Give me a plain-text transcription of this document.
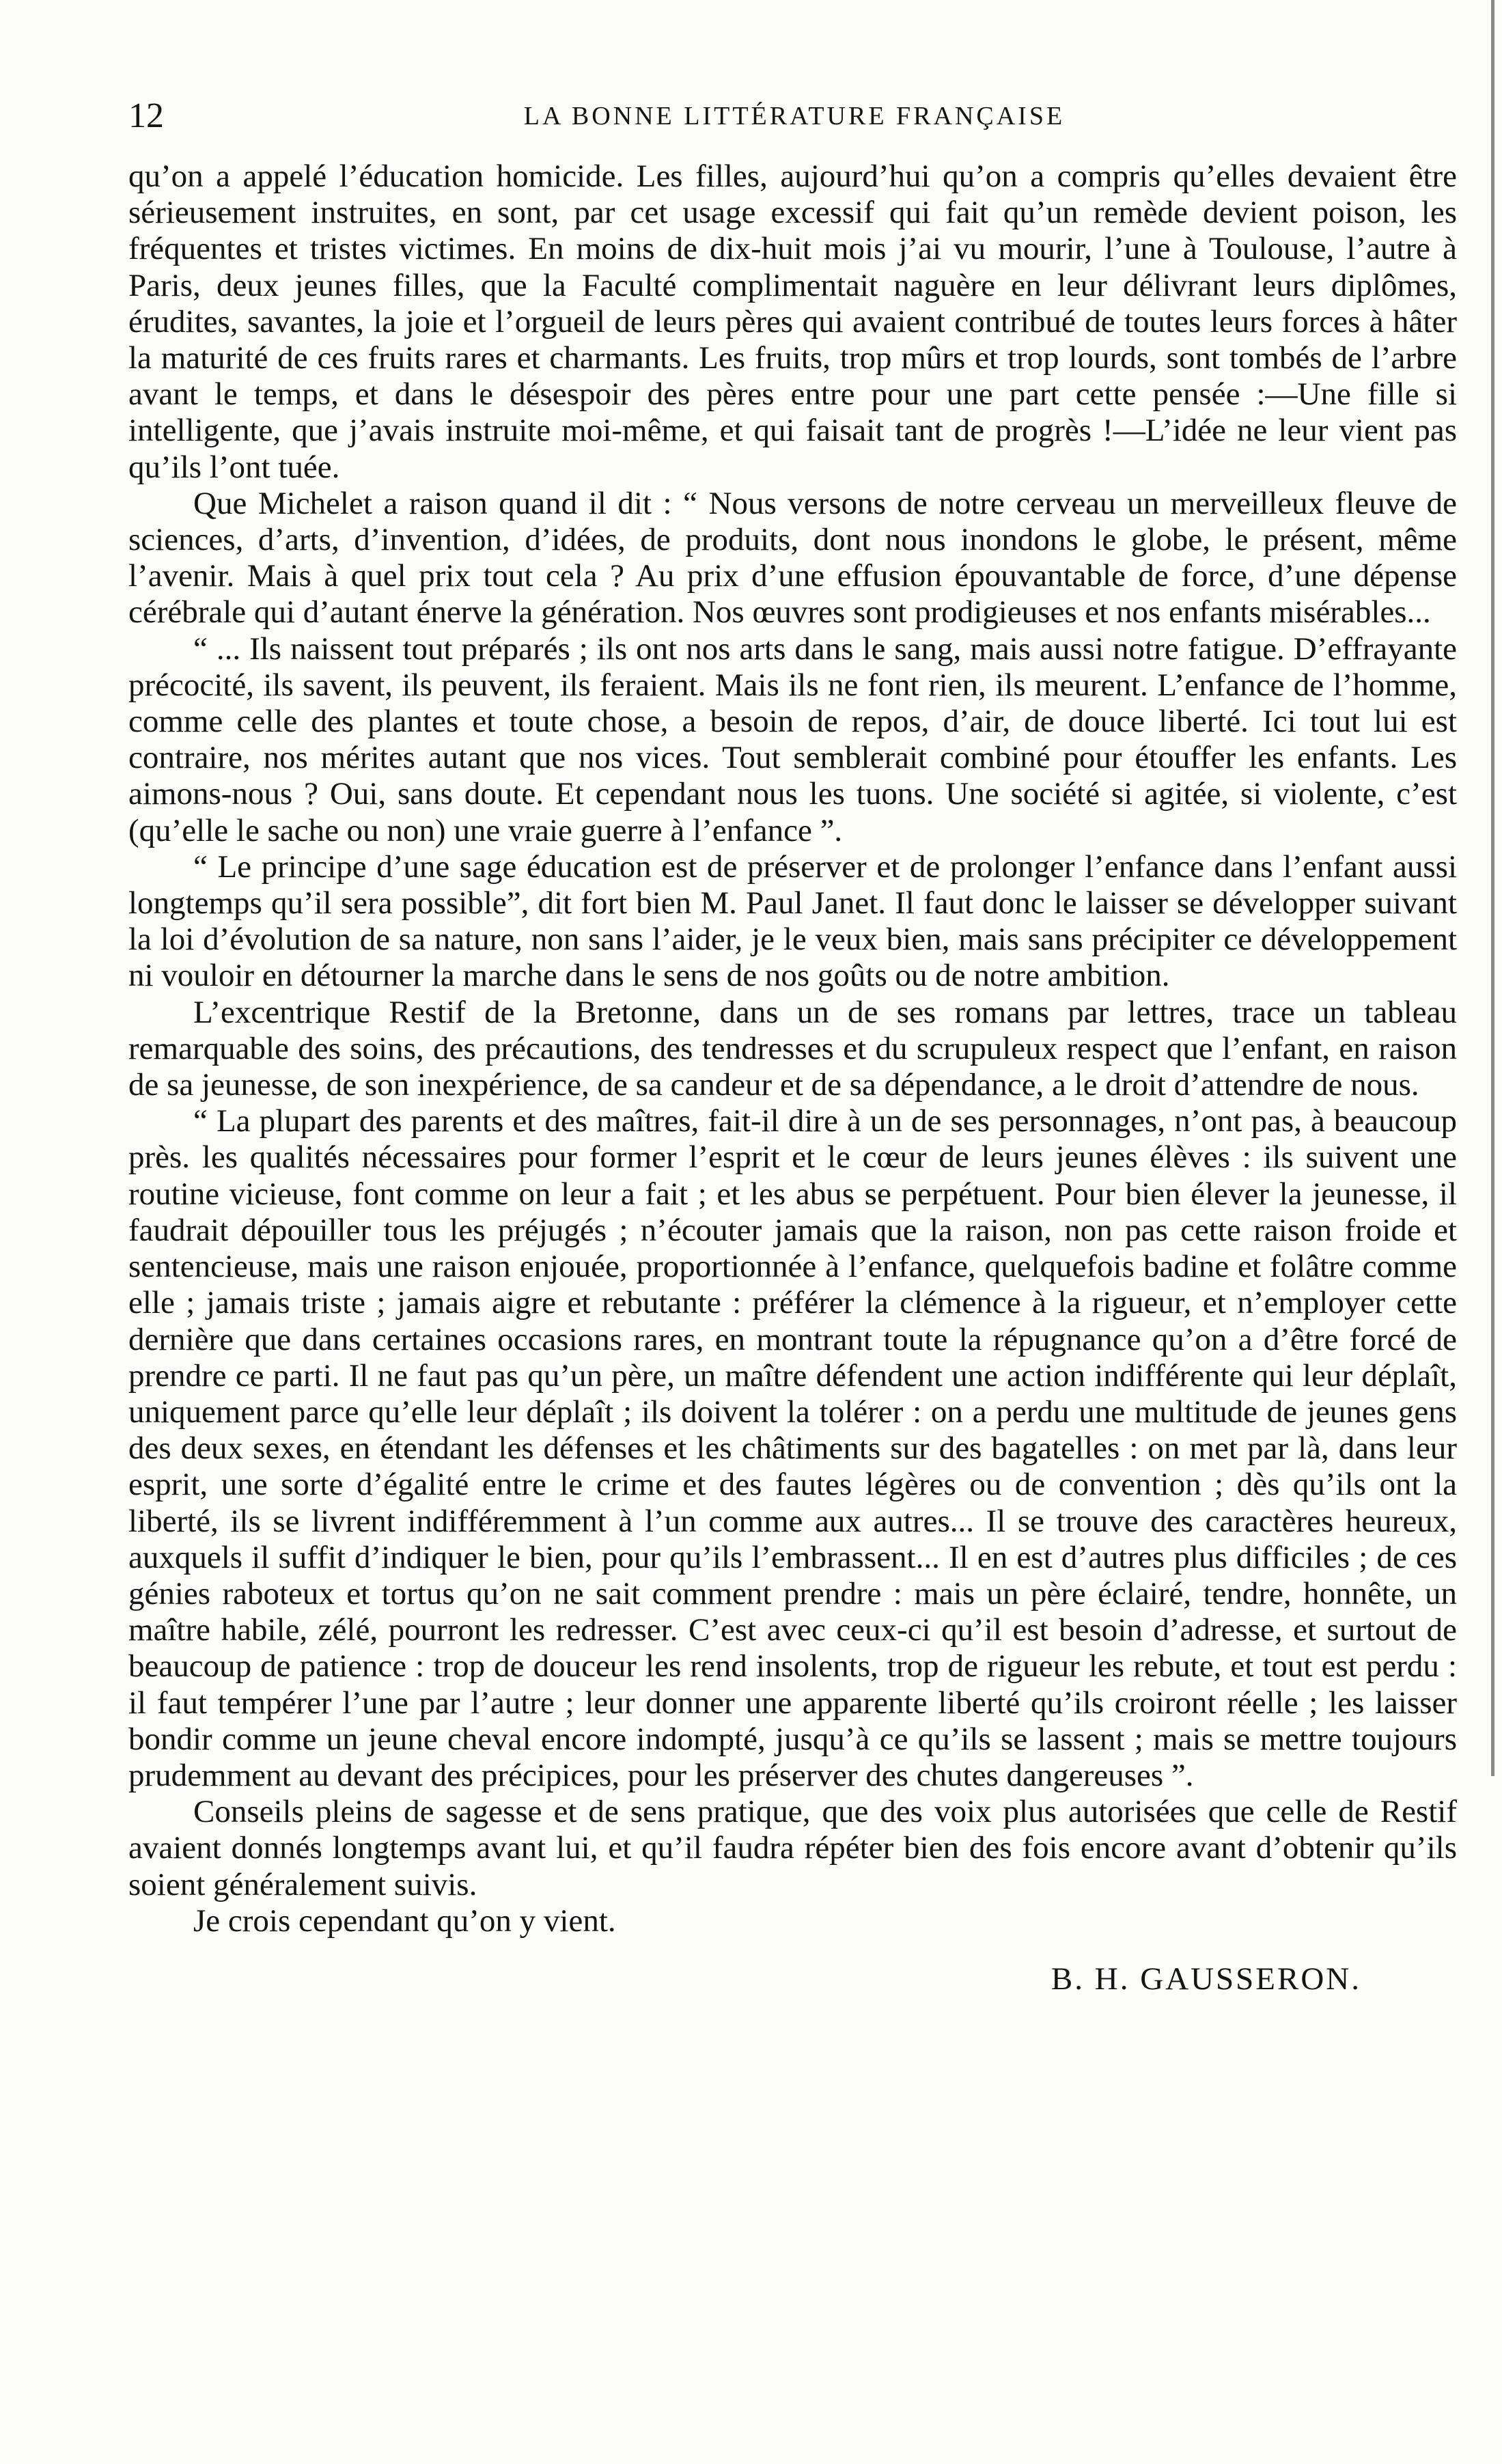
12	LA BONNE LITTÉRATURE FRANÇAISE

qu’on a appelé l’éducation homicide. Les filles, aujourd’hui qu’on a compris qu’elles devaient être sérieusement instruites, en sont, par cet usage excessif qui fait qu’un remède devient poison, les fréquentes et tristes victimes. En moins de dix-huit mois j’ai vu mourir, l’une à Toulouse, l’autre à Paris, deux jeunes filles, que la Faculté complimentait naguère en leur délivrant leurs diplômes, érudites, savantes, la joie et l’orgueil de leurs pères qui avaient contribué de toutes leurs forces à hâter la maturité de ces fruits rares et charmants. Les fruits, trop mûrs et trop lourds, sont tombés de l’arbre avant le temps, et dans le désespoir des pères entre pour une part cette pensée :—Une fille si intelligente, que j’avais instruite moi-même, et qui faisait tant de progrès !—L’idée ne leur vient pas qu’ils l’ont tuée.

Que Michelet a raison quand il dit : “ Nous versons de notre cerveau un merveilleux fleuve de sciences, d’arts, d’invention, d’idées, de produits, dont nous inondons le globe, le présent, même l’avenir. Mais à quel prix tout cela ? Au prix d’une effusion épouvantable de force, d’une dépense cérébrale qui d’autant énerve la génération. Nos œuvres sont prodigieuses et nos enfants misérables...

“ ... Ils naissent tout préparés ; ils ont nos arts dans le sang, mais aussi notre fatigue. D’effrayante précocité, ils savent, ils peuvent, ils feraient. Mais ils ne font rien, ils meurent. L’enfance de l’homme, comme celle des plantes et toute chose, a besoin de repos, d’air, de douce liberté. Ici tout lui est contraire, nos mérites autant que nos vices. Tout semblerait combiné pour étouffer les enfants. Les aimons-nous ? Oui, sans doute. Et cependant nous les tuons. Une société si agitée, si violente, c’est (qu’elle le sache ou non) une vraie guerre à l’enfance ”.

“ Le principe d’une sage éducation est de préserver et de prolonger l’enfance dans l’enfant aussi longtemps qu’il sera possible”, dit fort bien M. Paul Janet. Il faut donc le laisser se développer suivant la loi d’évolution de sa nature, non sans l’aider, je le veux bien, mais sans précipiter ce développement ni vouloir en détourner la marche dans le sens de nos goûts ou de notre ambition.

L’excentrique Restif de la Bretonne, dans un de ses romans par lettres, trace un tableau remarquable des soins, des précautions, des tendresses et du scrupuleux respect que l’enfant, en raison de sa jeunesse, de son inexpérience, de sa candeur et de sa dépendance, a le droit d’attendre de nous.

“ La plupart des parents et des maîtres, fait-il dire à un de ses personnages, n’ont pas, à beaucoup près. les qualités nécessaires pour former l’esprit et le cœur de leurs jeunes élèves : ils suivent une routine vicieuse, font comme on leur a fait ; et les abus se perpétuent. Pour bien élever la jeunesse, il faudrait dépouiller tous les préjugés ; n’écouter jamais que la raison, non pas cette raison froide et sentencieuse, mais une raison enjouée, proportionnée à l’enfance, quelquefois badine et folâtre comme elle ; jamais triste ; jamais aigre et rebutante : préférer la clémence à la rigueur, et n’employer cette dernière que dans certaines occasions rares, en montrant toute la répugnance qu’on a d’être forcé de prendre ce parti. Il ne faut pas qu’un père, un maître défendent une action indifférente qui leur déplaît, uniquement parce qu’elle leur déplaît ; ils doivent la tolérer : on a perdu une multitude de jeunes gens des deux sexes, en étendant les défenses et les châtiments sur des bagatelles : on met par là, dans leur esprit, une sorte d’égalité entre le crime et des fautes légères ou de convention ; dès qu’ils ont la liberté, ils se livrent indifféremment à l’un comme aux autres... Il se trouve des caractères heureux, auxquels il suffit d’indiquer le bien, pour qu’ils l’embrassent... Il en est d’autres plus difficiles ; de ces génies raboteux et tortus qu’on ne sait comment prendre : mais un père éclairé, tendre, honnête, un maître habile, zélé, pourront les redresser. C’est avec ceux-ci qu’il est besoin d’adresse, et surtout de beaucoup de patience : trop de douceur les rend insolents, trop de rigueur les rebute, et tout est perdu : il faut tempérer l’une par l’autre ; leur donner une apparente liberté qu’ils croiront réelle ; les laisser bondir comme un jeune cheval encore indompté, jusqu’à ce qu’ils se lassent ; mais se mettre toujours prudemment au devant des précipices, pour les préserver des chutes dangereuses ”.

Conseils pleins de sagesse et de sens pratique, que des voix plus autorisées que celle de Restif avaient donnés longtemps avant lui, et qu’il faudra répéter bien des fois encore avant d’obtenir qu’ils soient généralement suivis.

Je crois cependant qu’on y vient.

B. H. GAUSSERON.
